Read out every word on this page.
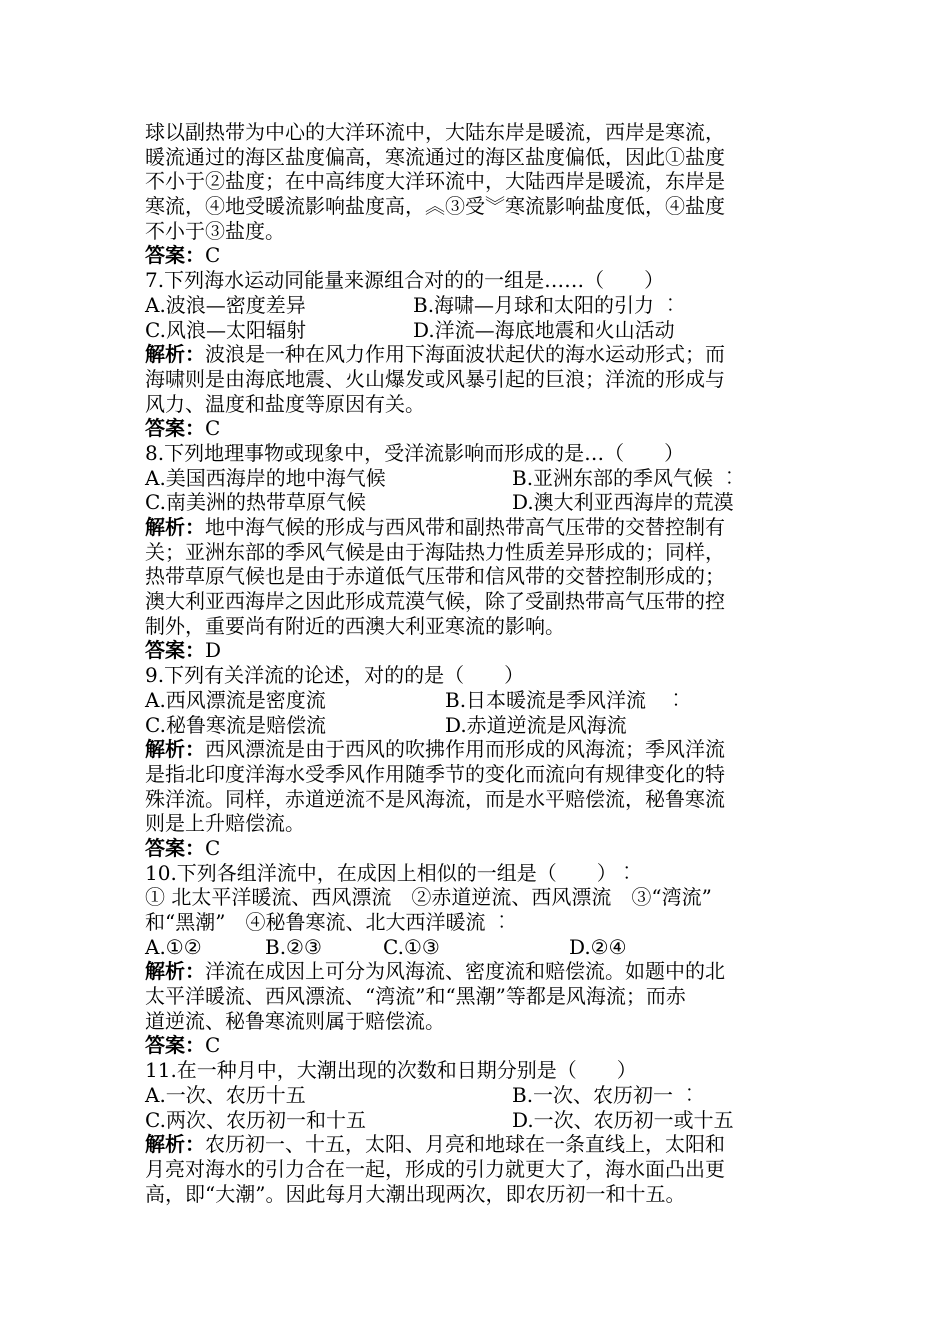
球以副热带为中心的大洋环流中，大陆东岸是暖流，西岸是寒流，
暖流通过的海区盐度偏高，寒流通过的海区盐度偏低，因此①盐度
不小于②盐度；在中高纬度大洋环流中，大陆西岸是暖流，东岸是
寒流，④地受暖流影响盐度高，︽③受︾寒流影响盐度低，④盐度
不小于③盐度。
答案：C
7.下列海水运动同能量来源组合对的的一组是……（　　）
A.波浪—密度差异	B.海啸—月球和太阳的引力 ︰
C.风浪—太阳辐射	D.洋流—海底地震和火山活动
解析：波浪是一种在风力作用下海面波状起伏的海水运动形式；而
海啸则是由海底地震、火山爆发或风暴引起的巨浪；洋流的形成与
风力、温度和盐度等原因有关。
答案：C
8.下列地理事物或现象中，受洋流影响而形成的是…（　　）
A.美国西海岸的地中海气候	B.亚洲东部的季风气候 ︰
C.南美洲的热带草原气候	D.澳大利亚西海岸的荒漠
解析：地中海气候的形成与西风带和副热带高气压带的交替控制有
关；亚洲东部的季风气候是由于海陆热力性质差异形成的；同样，
热带草原气候也是由于赤道低气压带和信风带的交替控制形成的；
澳大利亚西海岸之因此形成荒漠气候，除了受副热带高气压带的控
制外，重要尚有附近的西澳大利亚寒流的影响。
答案：D
9.下列有关洋流的论述，对的的是（　　）
A.西风漂流是密度流	B.日本暖流是季风洋流　︰
C.秘鲁寒流是赔偿流	D.赤道逆流是风海流
解析：西风漂流是由于西风的吹拂作用而形成的风海流；季风洋流
是指北印度洋海水受季风作用随季节的变化而流向有规律变化的特
殊洋流。同样，赤道逆流不是风海流，而是水平赔偿流，秘鲁寒流
则是上升赔偿流。
答案：C
10.下列各组洋流中，在成因上相似的一组是（　　）︰
① 北太平洋暖流、西风漂流　②赤道逆流、西风漂流　③“湾流”
和“黑潮”　④秘鲁寒流、北大西洋暖流 ︰
A.①②	B.②③	C.①③	D.②④
解析：洋流在成因上可分为风海流、密度流和赔偿流。如题中的北
太平洋暖流、西风漂流、“湾流”和“黑潮”等都是风海流；而赤
道逆流、秘鲁寒流则属于赔偿流。
答案：C
11.在一种月中，大潮出现的次数和日期分别是（　　）
A.一次、农历十五	B.一次、农历初一 ︰
C.两次、农历初一和十五	D.一次、农历初一或十五
解析：农历初一、十五，太阳、月亮和地球在一条直线上，太阳和
月亮对海水的引力合在一起，形成的引力就更大了，海水面凸出更
高，即“大潮”。因此每月大潮出现两次，即农历初一和十五。
